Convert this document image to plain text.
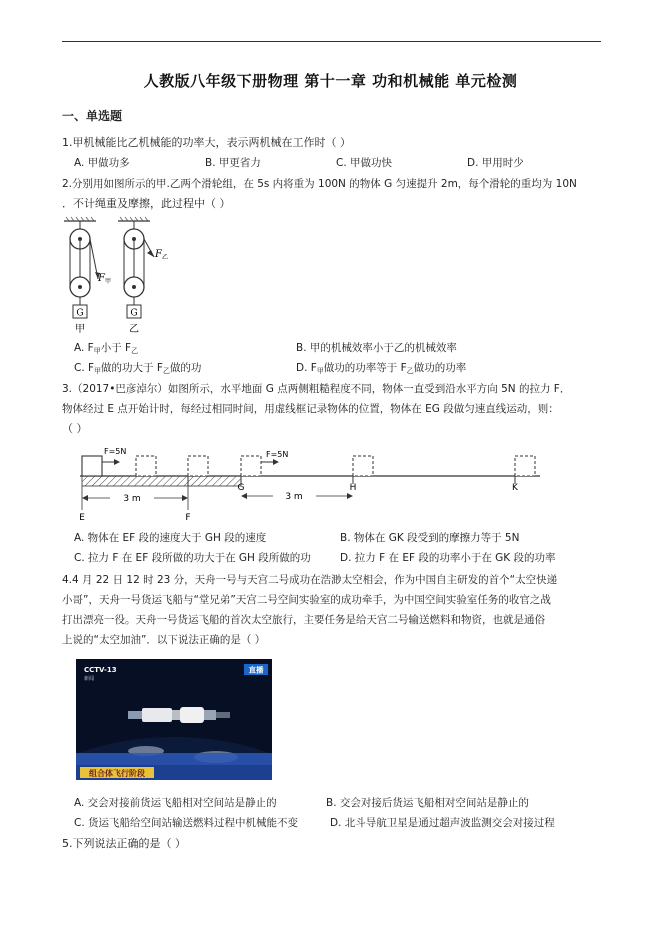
人教版八年级下册物理 第十一章 功和机械能 单元检测
一、单选题
1.甲机械能比乙机械能的功率大，表示两机械在工作时（ ）
A. 甲做功多	B. 甲更省力	C. 甲做功快	D. 甲用时少
2.分别用如图所示的甲.乙两个滑轮组，在 5s 内将重为 100N 的物体 G 匀速提升 2m，每个滑轮的重均为 10N
．不计绳重及摩擦，此过程中（ ）
G	G
甲	乙
F 甲
F 乙
A. $F_甲$小于 $F_乙$	B. 甲的机械效率小于乙的机械效率
C. $F_甲$做的功大于 $F_乙$做的功	D. $F_甲$做功的功率等于 $F_乙$做功的功率
3.（2017•巴彦淖尔）如图所示，水平地面 G 点两侧粗糙程度不同，物体一直受到沿水平方向 5N 的拉力 F．
物体经过 E 点开始计时，每经过相同时间，用虚线框记录物体的位置，物体在 EG 段做匀速直线运动，则：
（ ）
F=5N	F=5N
3 m	3 m
E	F
G	H	K
A. 物体在 EF 段的速度大于 GH 段的速度	B. 物体在 GK 段受到的摩擦力等于 5N
C. 拉力 F 在 EF 段所做的功大于在 GH 段所做的功	D. 拉力 F 在 EF 段的功率小于在 GK 段的功率
4.4 月 22 日 12 时 23 分，天舟一号与天宫二号成功在浩渺太空相会，作为中国自主研发的首个“太空快递
小哥”，天舟一号货运飞船与“堂兄弟”天宫二号空间实验室的成功牵手，为中国空间实验室任务的收官之战
打出漂亮一役。天舟一号货运飞船的首次太空旅行，主要任务是给天宫二号输送燃料和物资，也就是通俗
上说的“太空加油”．以下说法正确的是（ ）
组合体飞行阶段
CCTV-13
新闻
直播
A. 交会对接前货运飞船相对空间站是静止的	B. 交会对接后货运飞船相对空间站是静止的
C. 货运飞船给空间站输送燃料过程中机械能不变	D. 北斗导航卫星是通过超声波监测交会对接过程
5.下列说法正确的是（ ）
